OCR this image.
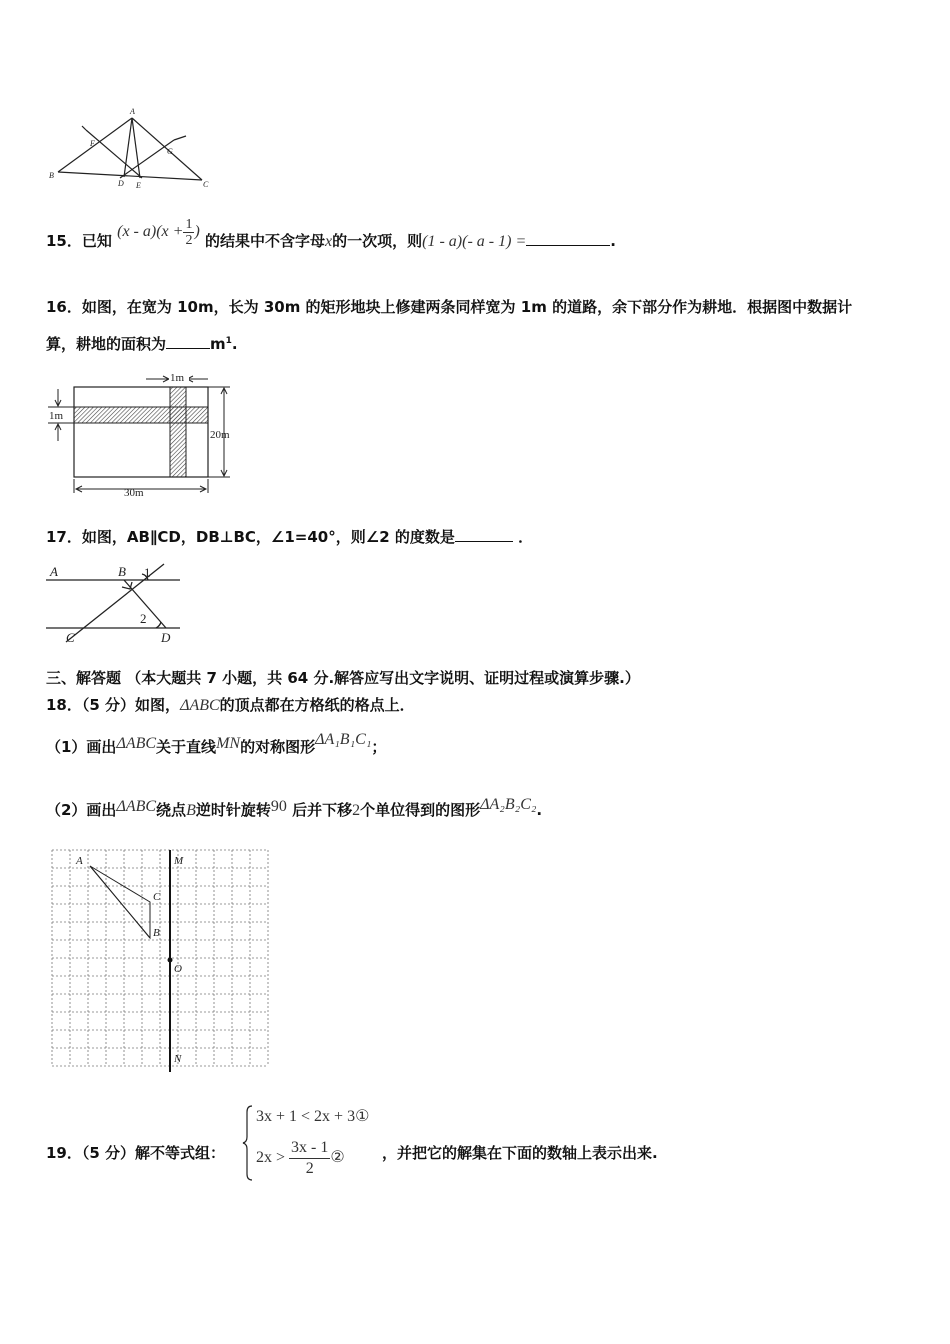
A
B
C
D E
F
G
15．已知 $(x - a)(x + \frac{1}{2}$ ) 的结果中不含字母x的一次项，则(1 - a)(- a - 1) =	.
16．如图，在宽为 10m，长为 30m 的矩形地块上修建两条同样宽为 1m 的道路，余下部分作为耕地．根据图中数据计
算，耕地的面积为	$m^1$.
1m
1m
20m
30m
17．如图，AB∥CD，DB⊥BC，∠1=40°，则∠2 的度数是	．
A	B 1
2
C	D
三、解答题 （本大题共 7 小题，共 64 分.解答应写出文字说明、证明过程或演算步骤.）
18．（5 分）如图，ΔABC的顶点都在方格纸的格点上．
（1）画出ΔABC关于直线MN的对称图形ΔA₁B₁C₁；
（2）画出ΔABC绕点B逆时针旋转90 后并下移2个单位得到的图形ΔA₂B₂C₂.
A
C
B
M
O
N
19．（5 分）解不等式组：
3x + 1 < 2x + 3①
$2x > \frac{3x - 1}{2}$ ② ，并把它的解集在下面的数轴上表示出来.
